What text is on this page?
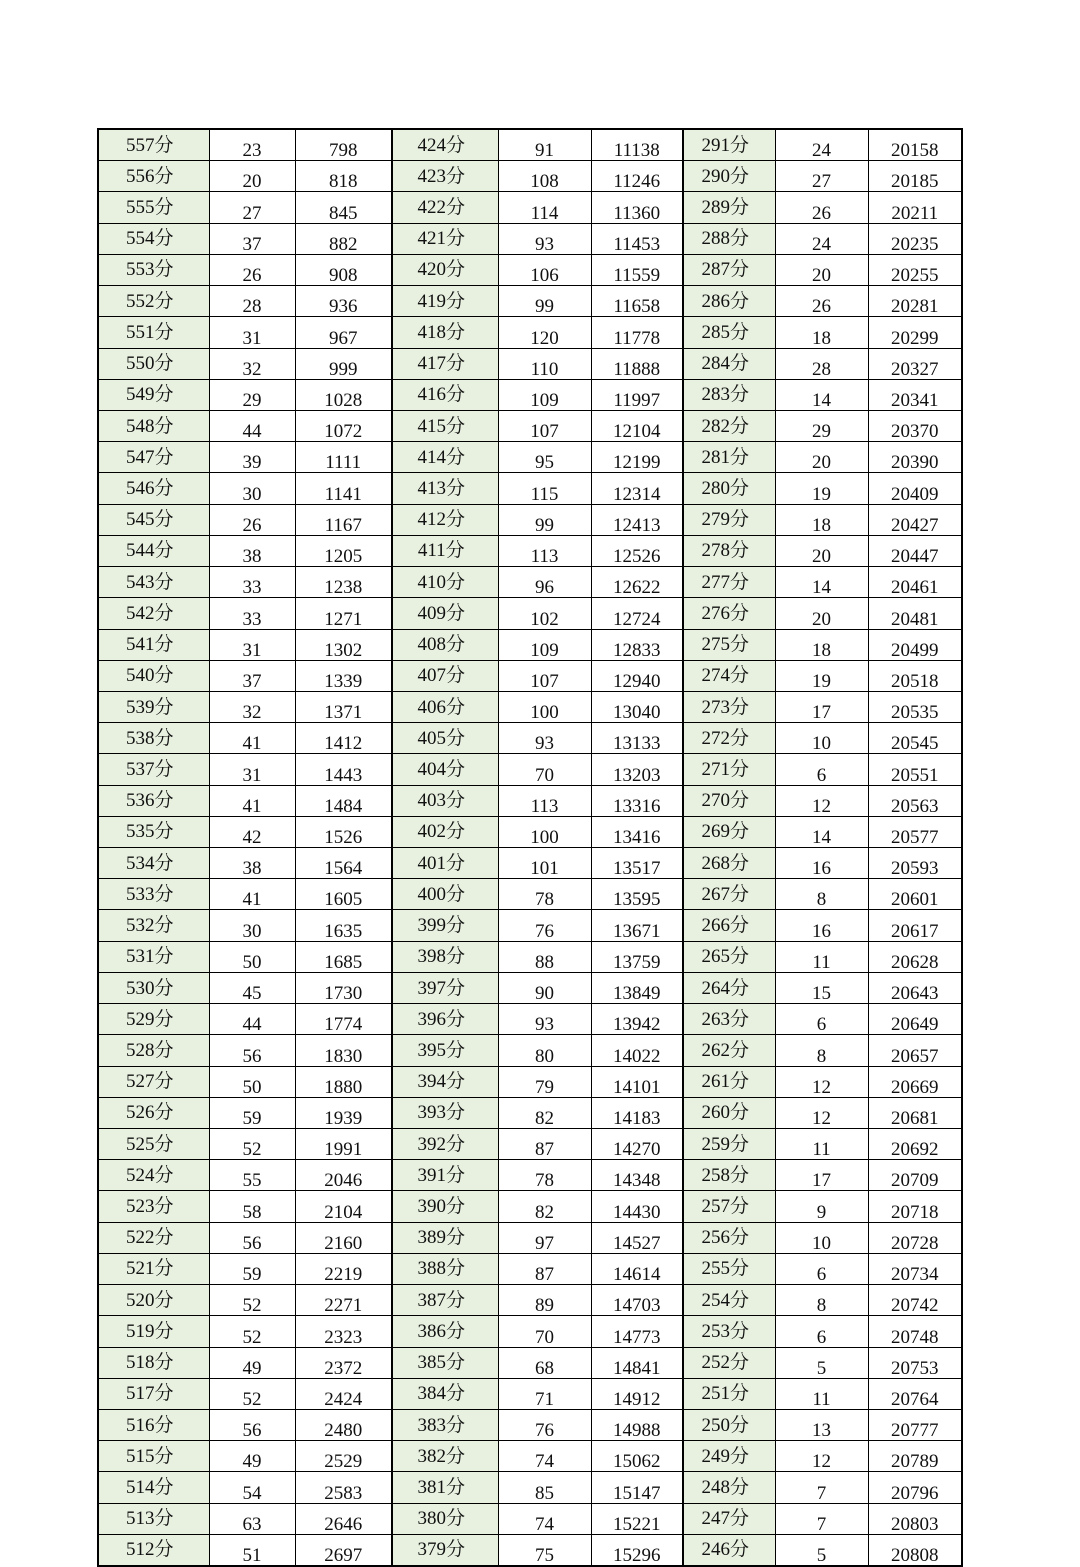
557分	23	798	424分	91	11138	291分	24	20158
556分	20	818	423分	108	11246	290分	27	20185
555分	27	845	422分	114	11360	289分	26	20211
554分	37	882	421分	93	11453	288分	24	20235
553分	26	908	420分	106	11559	287分	20	20255
552分	28	936	419分	99	11658	286分	26	20281
551分	31	967	418分	120	11778	285分	18	20299
550分	32	999	417分	110	11888	284分	28	20327
549分	29	1028	416分	109	11997	283分	14	20341
548分	44	1072	415分	107	12104	282分	29	20370
547分	39	1111	414分	95	12199	281分	20	20390
546分	30	1141	413分	115	12314	280分	19	20409
545分	26	1167	412分	99	12413	279分	18	20427
544分	38	1205	411分	113	12526	278分	20	20447
543分	33	1238	410分	96	12622	277分	14	20461
542分	33	1271	409分	102	12724	276分	20	20481
541分	31	1302	408分	109	12833	275分	18	20499
540分	37	1339	407分	107	12940	274分	19	20518
539分	32	1371	406分	100	13040	273分	17	20535
538分	41	1412	405分	93	13133	272分	10	20545
537分	31	1443	404分	70	13203	271分	6	20551
536分	41	1484	403分	113	13316	270分	12	20563
535分	42	1526	402分	100	13416	269分	14	20577
534分	38	1564	401分	101	13517	268分	16	20593
533分	41	1605	400分	78	13595	267分	8	20601
532分	30	1635	399分	76	13671	266分	16	20617
531分	50	1685	398分	88	13759	265分	11	20628
530分	45	1730	397分	90	13849	264分	15	20643
529分	44	1774	396分	93	13942	263分	6	20649
528分	56	1830	395分	80	14022	262分	8	20657
527分	50	1880	394分	79	14101	261分	12	20669
526分	59	1939	393分	82	14183	260分	12	20681
525分	52	1991	392分	87	14270	259分	11	20692
524分	55	2046	391分	78	14348	258分	17	20709
523分	58	2104	390分	82	14430	257分	9	20718
522分	56	2160	389分	97	14527	256分	10	20728
521分	59	2219	388分	87	14614	255分	6	20734
520分	52	2271	387分	89	14703	254分	8	20742
519分	52	2323	386分	70	14773	253分	6	20748
518分	49	2372	385分	68	14841	252分	5	20753
517分	52	2424	384分	71	14912	251分	11	20764
516分	56	2480	383分	76	14988	250分	13	20777
515分	49	2529	382分	74	15062	249分	12	20789
514分	54	2583	381分	85	15147	248分	7	20796
513分	63	2646	380分	74	15221	247分	7	20803
512分	51	2697	379分	75	15296	246分	5	20808
